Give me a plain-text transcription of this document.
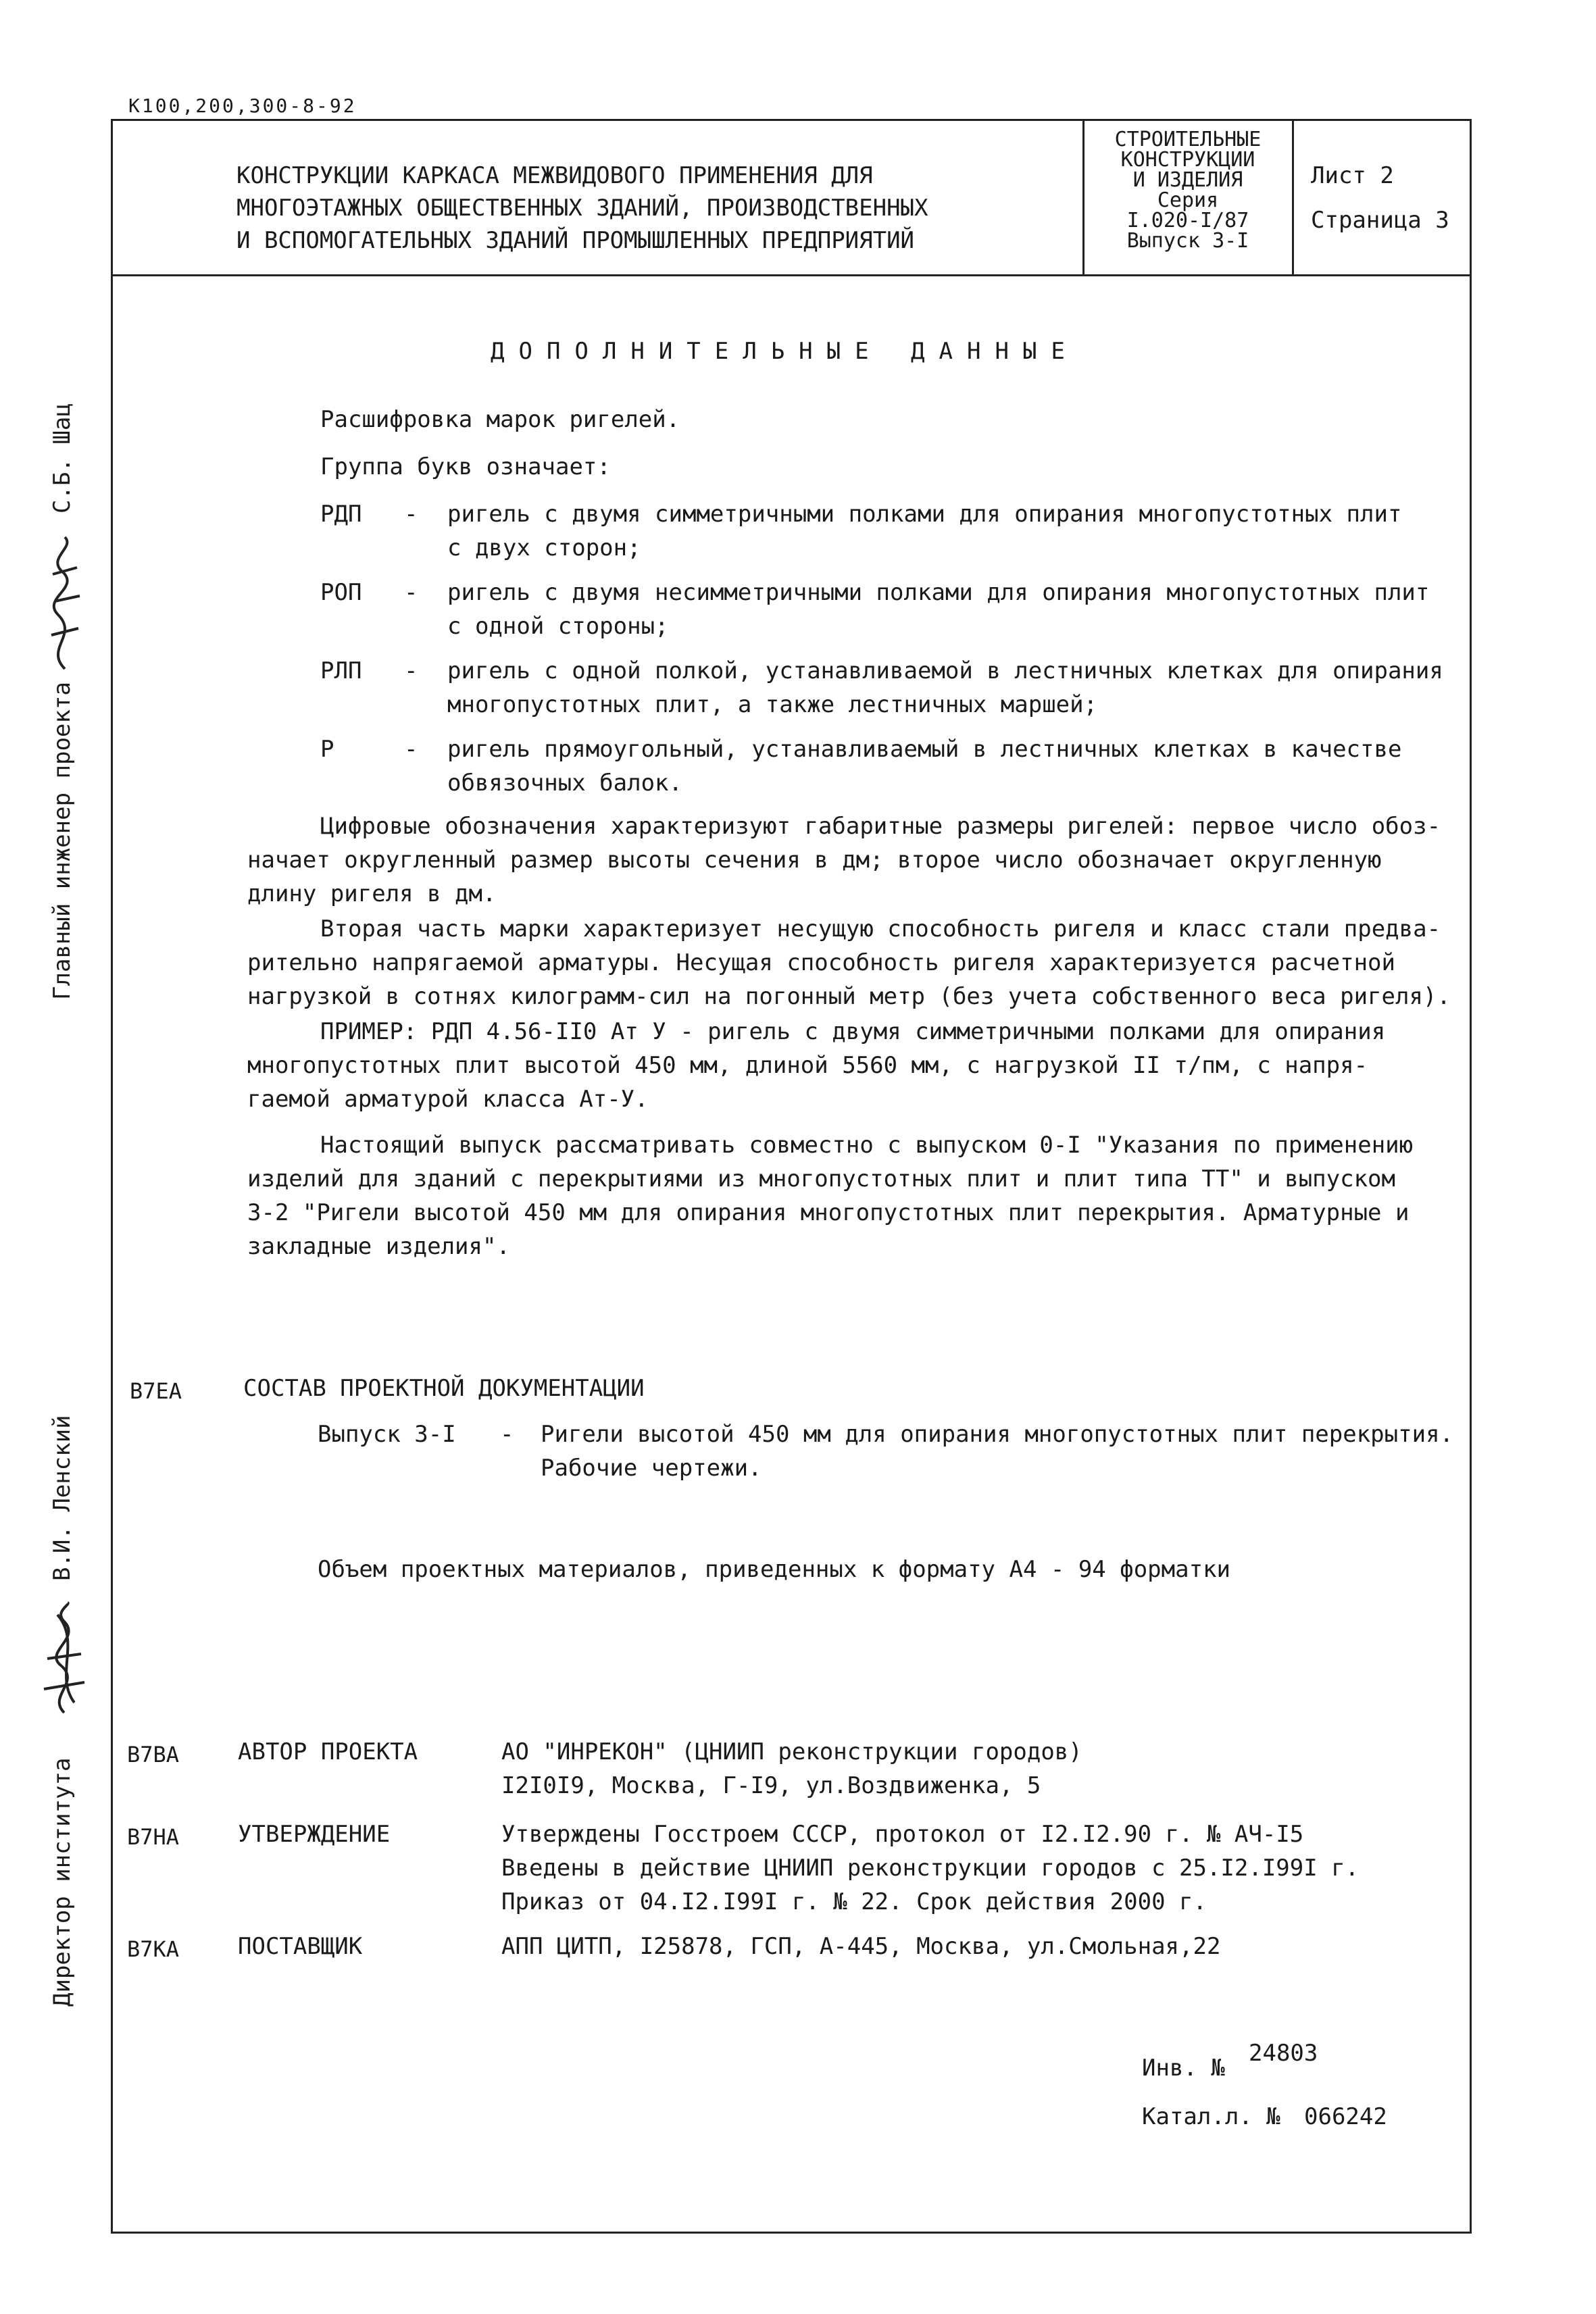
К100,200,300-8-92
КОНСТРУКЦИИ КАРКАСА МЕЖВИДОВОГО ПРИМЕНЕНИЯ ДЛЯ
МНОГОЭТАЖНЫХ ОБЩЕСТВЕННЫХ ЗДАНИЙ, ПРОИЗВОДСТВЕННЫХ
И ВСПОМОГАТЕЛЬНЫХ ЗДАНИЙ ПРОМЫШЛЕННЫХ ПРЕДПРИЯТИЙ
СТРОИТЕЛЬНЫЕ
КОНСТРУКЦИИ
И ИЗДЕЛИЯ
Серия
I.020-I/87
Выпуск 3-I
Лист 2
Страница 3
ДОПОЛНИТЕЛЬНЫЕ ДАННЫЕ
Расшифровка марок ригелей.
Группа букв означает:
РДП - ригель с двумя симметричными полками для опирания многопустотных плит
с двух сторон;
РОП - ригель с двумя несимметричными полками для опирания многопустотных плит
с одной стороны;
РЛП - ригель с одной полкой, устанавливаемой в лестничных клетках для опирания
многопустотных плит, а также лестничных маршей;
Р	- ригель прямоугольный, устанавливаемый в лестничных клетках в качестве
обвязочных балок.
Цифровые обозначения характеризуют габаритные размеры ригелей: первое число обоз-
начает округленный размер высоты сечения в дм; второе число обозначает округленную
длину ригеля в дм.
Вторая часть марки характеризует несущую способность ригеля и класс стали предва-
рительно напрягаемой арматуры. Несущая способность ригеля характеризуется расчетной
нагрузкой в сотнях килограмм-сил на погонный метр (без учета собственного веса ригеля).
ПРИМЕР: РДП 4.56-II0 Ат У - ригель с двумя симметричными полками для опирания
многопустотных плит высотой 450 мм, длиной 5560 мм, с нагрузкой II т/пм, с напря-
гаемой арматурой класса Ат-У.
Настоящий выпуск рассматривать совместно с выпуском 0-I "Указания по применению
изделий для зданий с перекрытиями из многопустотных плит и плит типа ТТ" и выпуском
3-2 "Ригели высотой 450 мм для опирания многопустотных плит перекрытия. Арматурные и
закладные изделия".
В7ЕА	СОСТАВ ПРОЕКТНОЙ ДОКУМЕНТАЦИИ
Выпуск 3-I - Ригели высотой 450 мм для опирания многопустотных плит перекрытия.
Рабочие чертежи.
Объем проектных материалов, приведенных к формату А4 - 94 форматки
В7ВА	АВТОР ПРОЕКТА	АО "ИНРЕКОН" (ЦНИИП реконструкции городов)
I2I0I9, Москва, Г-I9, ул.Воздвиженка, 5
В7НА	УТВЕРЖДЕНИЕ	Утверждены Госстроем СССР, протокол от I2.I2.90 г. № АЧ-I5
Введены в действие ЦНИИП реконструкции городов с 25.I2.I99I г.
Приказ от 04.I2.I99I г. № 22. Срок действия 2000 г.
В7КА	ПОСТАВЩИК	АПП ЦИТП, I25878, ГСП, А-445, Москва, ул.Смольная,22
Инв. №
24803
Катал.л. № 066242
Главный инженер проекта
С.Б. Шац
В.И. Ленский
Директор института
